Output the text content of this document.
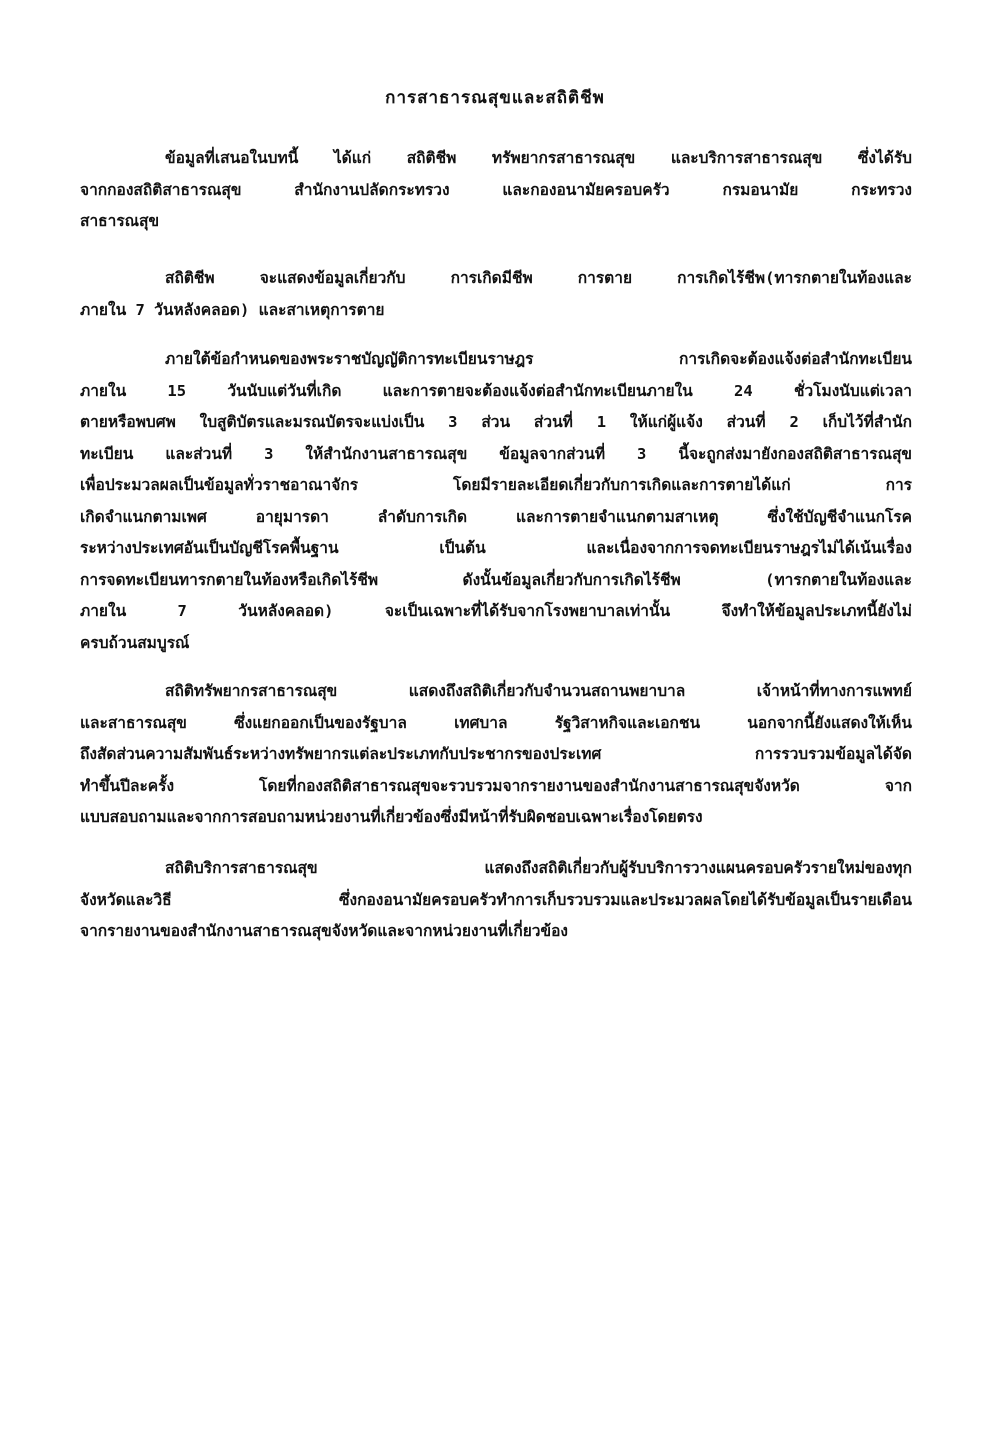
การสาธารณสุขและสถิติชีพ
ข้อมูลที่เสนอในบทนี้ ได้แก่ สถิติชีพ ทรัพยากรสาธารณสุข และบริการสาธารณสุข ซึ่งได้รับ
จากกองสถิติสาธารณสุข สำนักงานปลัดกระทรวง และกองอนามัยครอบครัว กรมอนามัย กระทรวง
สาธารณสุข
สถิติชีพ จะแสดงข้อมูลเกี่ยวกับ การเกิดมีชีพ การตาย การเกิดไร้ชีพ(ทารกตายในท้องและ
ภายใน 7 วันหลังคลอด) และสาเหตุการตาย
ภายใต้ข้อกำหนดของพระราชบัญญัติการทะเบียนราษฎร การเกิดจะต้องแจ้งต่อสำนักทะเบียน
ภายใน 15 วันนับแต่วันที่เกิด และการตายจะต้องแจ้งต่อสำนักทะเบียนภายใน 24 ชั่วโมงนับแต่เวลา
ตายหรือพบศพ ใบสูติบัตรและมรณบัตรจะแบ่งเป็น 3 ส่วน ส่วนที่ 1 ให้แก่ผู้แจ้ง ส่วนที่ 2 เก็บไว้ที่สำนัก
ทะเบียน และส่วนที่ 3 ให้สำนักงานสาธารณสุข ข้อมูลจากส่วนที่ 3 นี้จะถูกส่งมายังกองสถิติสาธารณสุข
เพื่อประมวลผลเป็นข้อมูลทั่วราชอาณาจักร โดยมีรายละเอียดเกี่ยวกับการเกิดและการตายได้แก่ การ
เกิดจำแนกตามเพศ อายุมารดา ลำดับการเกิด และการตายจำแนกตามสาเหตุ ซึ่งใช้บัญชีจำแนกโรค
ระหว่างประเทศอันเป็นบัญชีโรคพื้นฐาน เป็นต้น และเนื่องจากการจดทะเบียนราษฎรไม่ได้เน้นเรื่อง
การจดทะเบียนทารกตายในท้องหรือเกิดไร้ชีพ ดังนั้นข้อมูลเกี่ยวกับการเกิดไร้ชีพ (ทารกตายในท้องและ
ภายใน 7 วันหลังคลอด) จะเป็นเฉพาะที่ได้รับจากโรงพยาบาลเท่านั้น จึงทำให้ข้อมูลประเภทนี้ยังไม่
ครบถ้วนสมบูรณ์
สถิติทรัพยากรสาธารณสุข แสดงถึงสถิติเกี่ยวกับจำนวนสถานพยาบาล เจ้าหน้าที่ทางการแพทย์
และสาธารณสุข ซึ่งแยกออกเป็นของรัฐบาล เทศบาล รัฐวิสาหกิจและเอกชน นอกจากนี้ยังแสดงให้เห็น
ถึงสัดส่วนความสัมพันธ์ระหว่างทรัพยากรแต่ละประเภทกับประชากรของประเทศ การรวบรวมข้อมูลได้จัด
ทำขึ้นปีละครั้ง โดยที่กองสถิติสาธารณสุขจะรวบรวมจากรายงานของสำนักงานสาธารณสุขจังหวัด จาก
แบบสอบถามและจากการสอบถามหน่วยงานที่เกี่ยวข้องซึ่งมีหน้าที่รับผิดชอบเฉพาะเรื่องโดยตรง
สถิติบริการสาธารณสุข แสดงถึงสถิติเกี่ยวกับผู้รับบริการวางแผนครอบครัวรายใหม่ของทุก
จังหวัดและวิธี ซึ่งกองอนามัยครอบครัวทำการเก็บรวบรวมและประมวลผลโดยได้รับข้อมูลเป็นรายเดือน
จากรายงานของสำนักงานสาธารณสุขจังหวัดและจากหน่วยงานที่เกี่ยวข้อง
